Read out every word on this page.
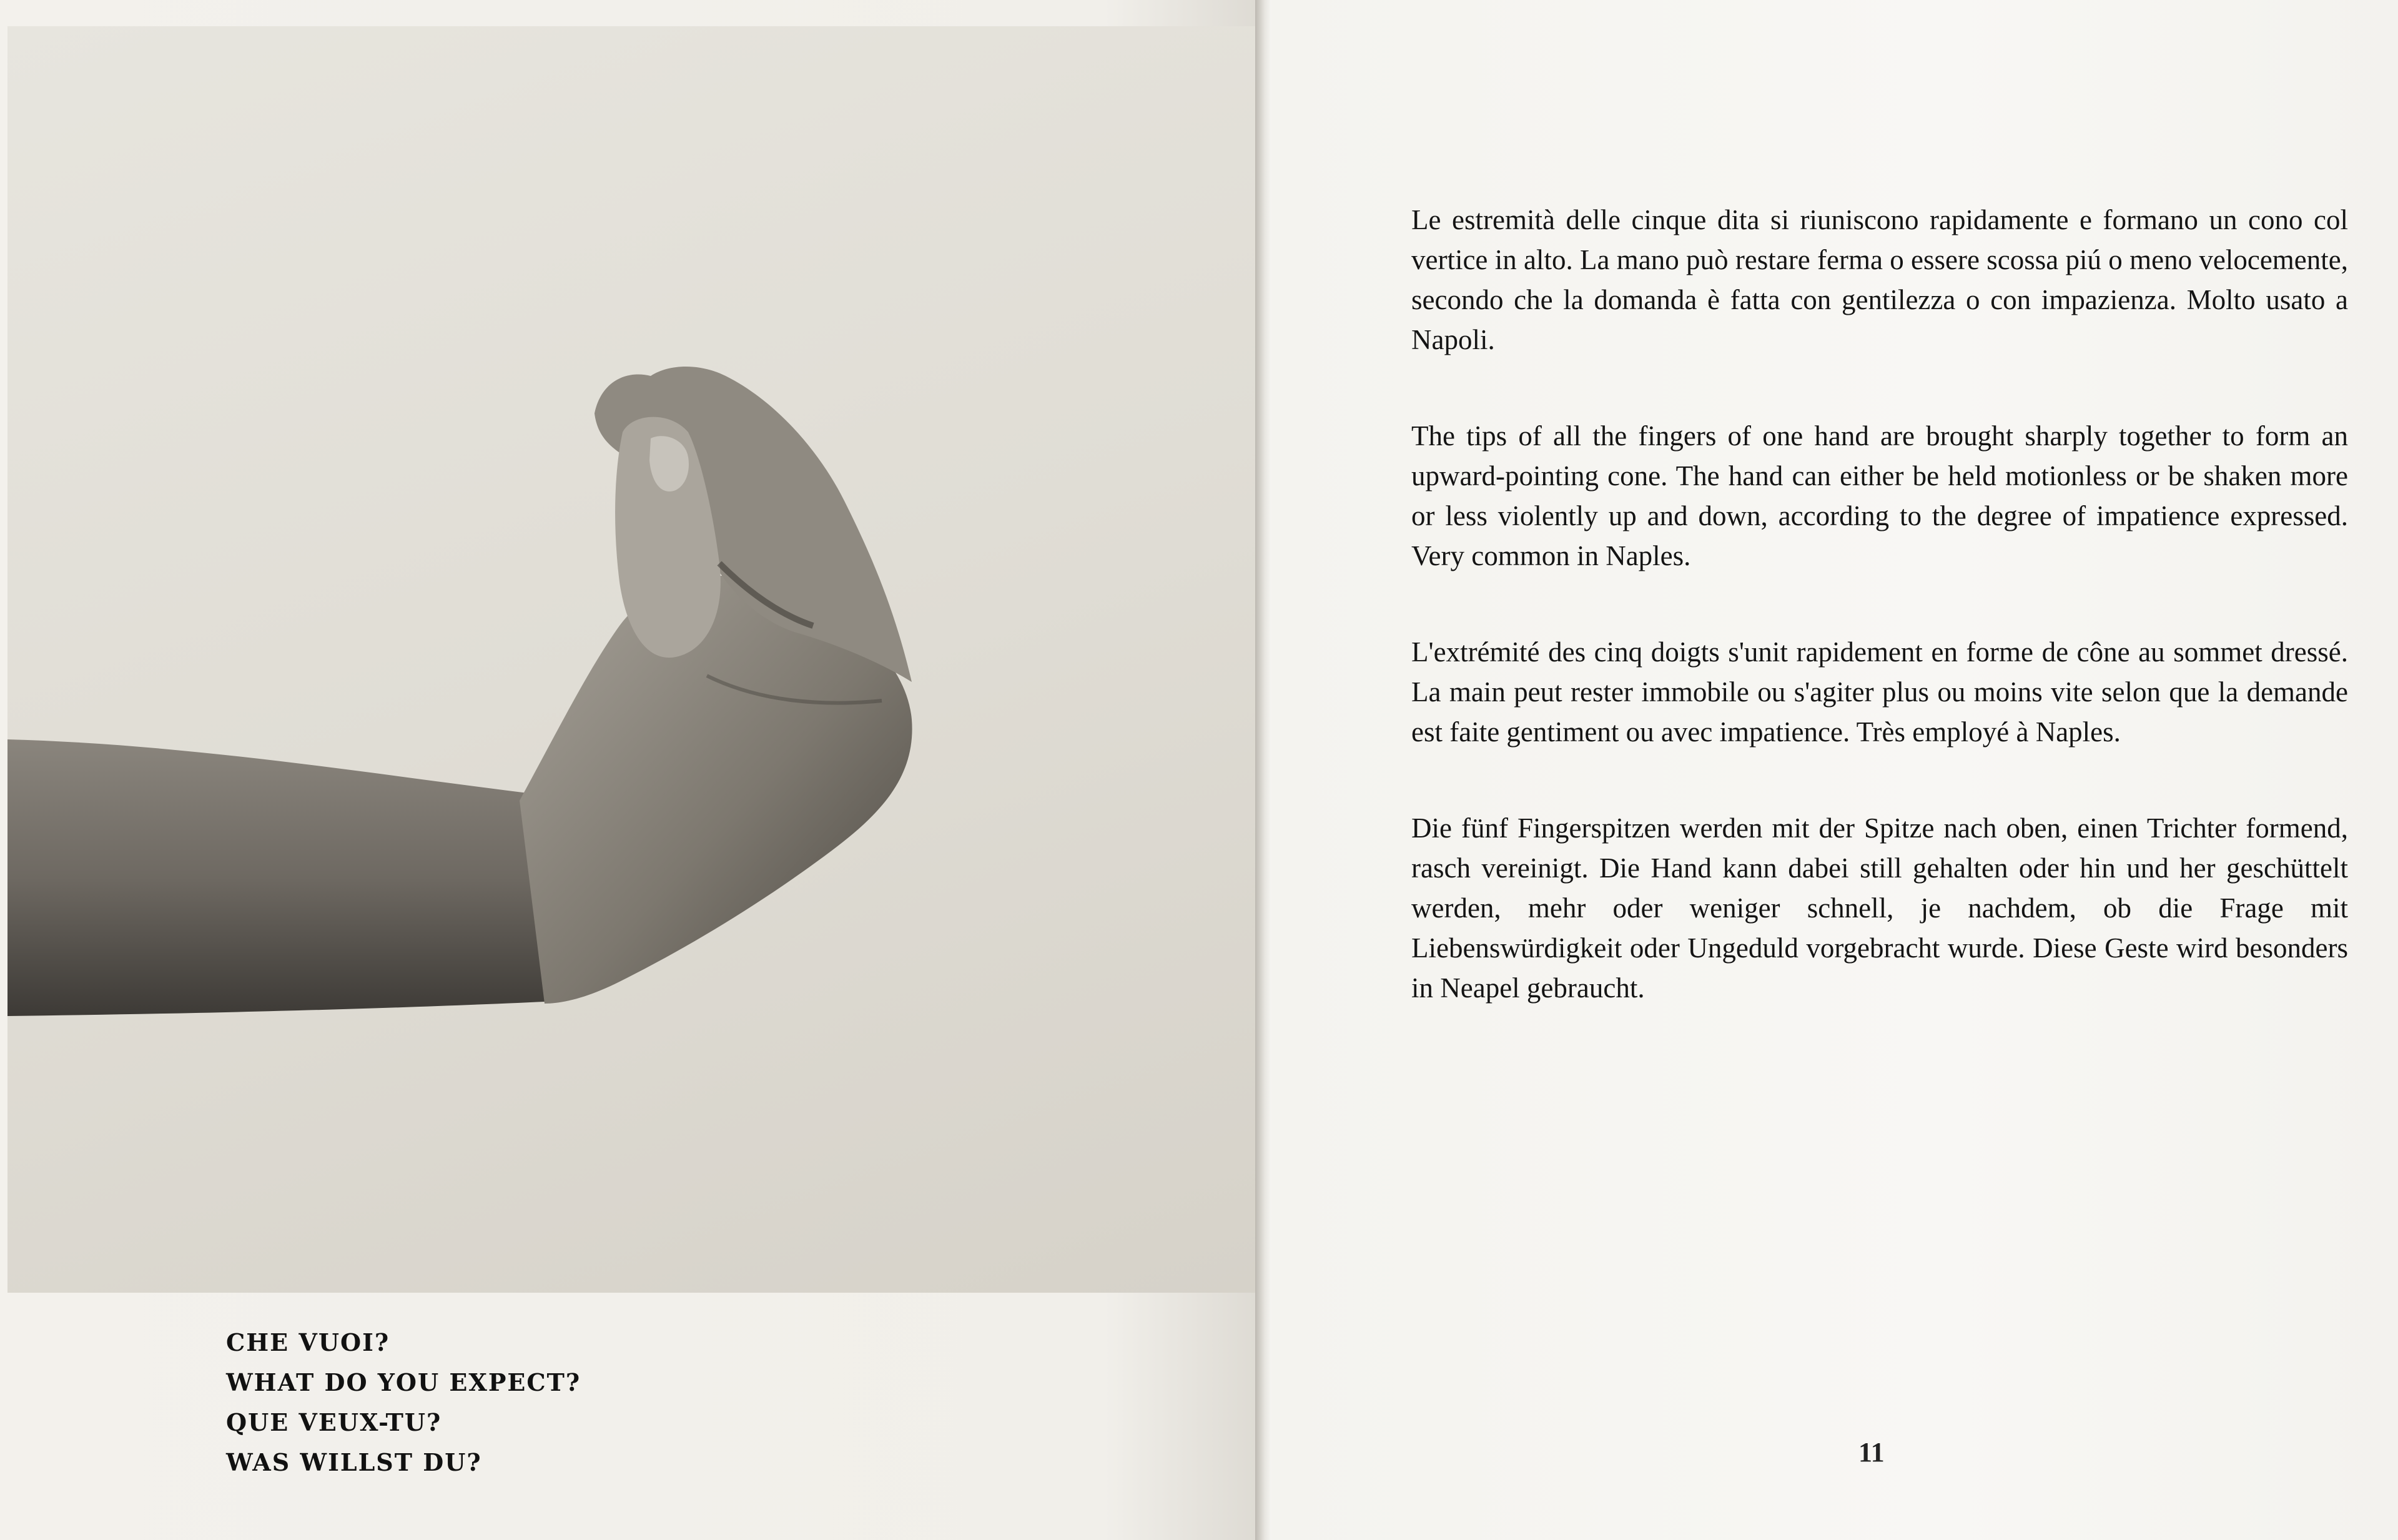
CHE VUOI?
WHAT DO YOU EXPECT?
QUE VEUX-TU?
WAS WILLST DU?

Le estremità delle cinque dita si riuniscono rapidamente e formano un cono col vertice in alto. La mano può restare ferma o essere scossa piú o meno velocemente, secondo che la domanda è fatta con gentilezza o con impazienza. Molto usato a Napoli.

The tips of all the fingers of one hand are brought sharply together to form an upward-pointing cone. The hand can either be held motionless or be shaken more or less violently up and down, according to the degree of impatience expressed. Very common in Naples.

L'extrémité des cinq doigts s'unit rapidement en forme de cône au sommet dressé. La main peut rester immobile ou s'agiter plus ou moins vite selon que la demande est faite gentiment ou avec impatience. Très employé à Naples.

Die fünf Fingerspitzen werden mit der Spitze nach oben, einen Trichter formend, rasch vereinigt. Die Hand kann dabei still gehalten oder hin und her geschüttelt werden, mehr oder weniger schnell, je nachdem, ob die Frage mit Liebenswürdigkeit oder Ungeduld vorgebracht wurde. Diese Geste wird besonders in Neapel gebraucht.

11
